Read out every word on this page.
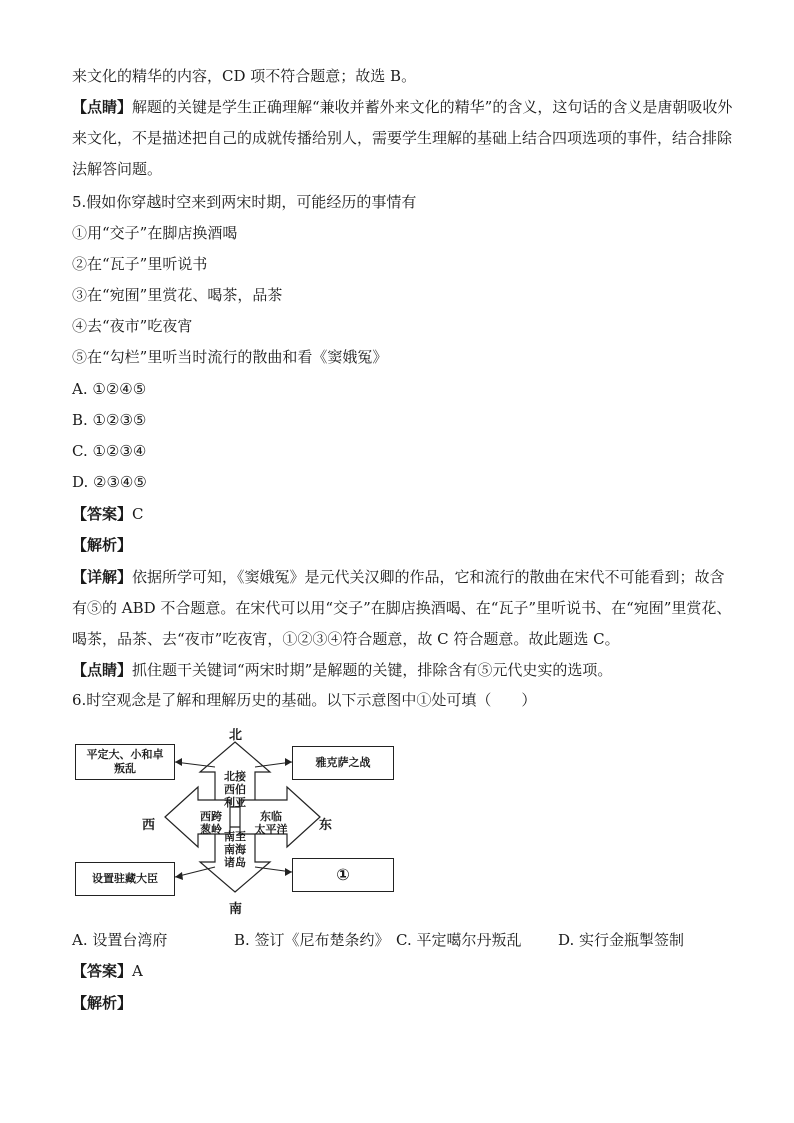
来文化的精华的内容，CD 项不符合题意；故选 B。
【点睛】解题的关键是学生正确理解“兼收并蓄外来文化的精华”的含义，这句话的含义是唐朝吸收外来文化，不是描述把自己的成就传播给别人，需要学生理解的基础上结合四项选项的事件，结合排除法解答问题。
5.假如你穿越时空来到两宋时期，可能经历的事情有
①用“交子”在脚店换酒喝
②在“瓦子”里听说书
③在“宛囿”里赏花、喝茶，品茶
④去“夜市”吃夜宵
⑤在“勾栏”里听当时流行的散曲和看《窦娥冤》
A. ①②④⑤
B. ①②③⑤
C. ①②③④
D. ②③④⑤
【答案】C
【解析】
【详解】依据所学可知，《窦娥冤》是元代关汉卿的作品，它和流行的散曲在宋代不可能看到；故含有⑤的 ABD 不合题意。在宋代可以用“交子”在脚店换酒喝、在“瓦子”里听说书、在“宛囿”里赏花、喝茶，品茶、去“夜市”吃夜宵，①②③④符合题意，故 C 符合题意。故此题选 C。
【点睛】抓住题干关键词“两宋时期”是解题的关键，排除含有⑤元代史实的选项。
6.时空观念是了解和理解历史的基础。以下示意图中①处可填（　　）
北
南
西	东
北接
西伯
利亚
西跨
葱岭
东临
太平洋
南至
南海
诸岛
平定大、小和卓
叛乱	雅克萨之战
设置驻藏大臣	①
A. 设置台湾府	B. 签订《尼布楚条约》 C. 平定噶尔丹叛乱 D. 实行金瓶掣签制
【答案】A
【解析】
